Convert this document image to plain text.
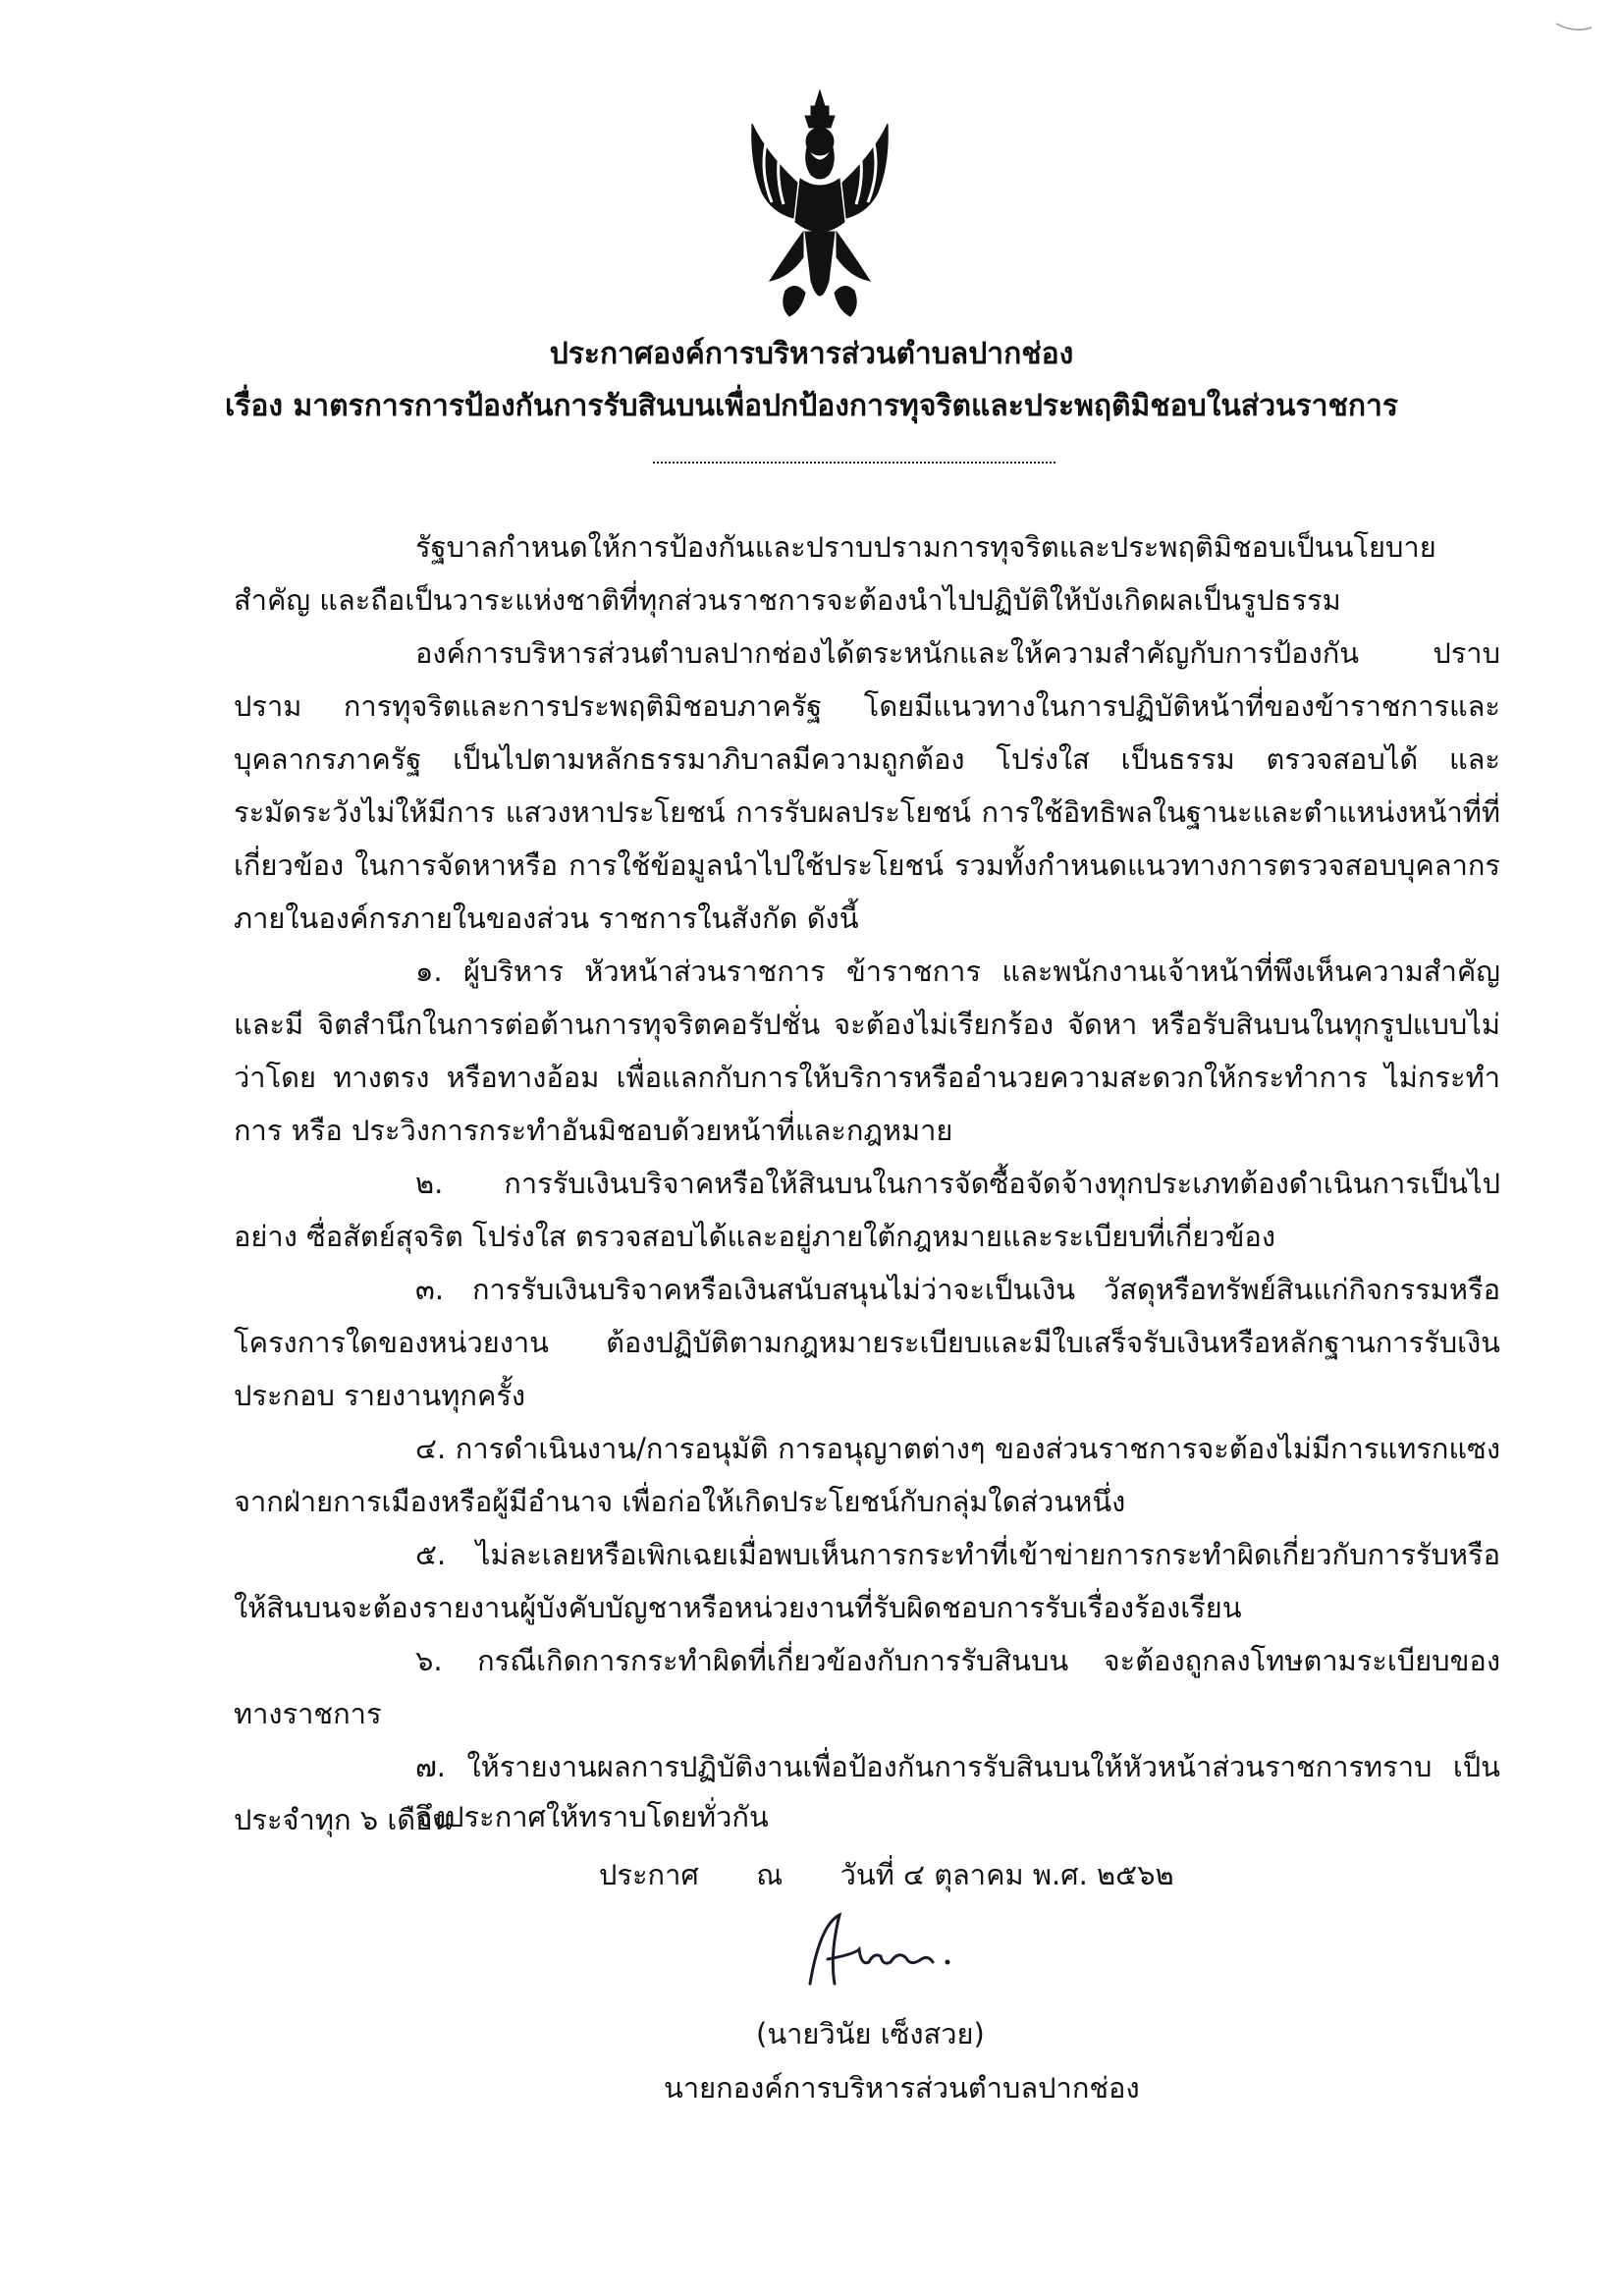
ประกาศองค์การบริหารส่วนตำบลปากช่อง
เรื่อง มาตรการการป้องกันการรับสินบนเพื่อปกป้องการทุจริตและประพฤติมิชอบในส่วนราชการ
รัฐบาลกำหนดให้การป้องกันและปราบปรามการทุจริตและประพฤติมิชอบเป็นนโยบายสำคัญ และถือเป็นวาระแห่งชาติที่ทุกส่วนราชการจะต้องนำไปปฏิบัติให้บังเกิดผลเป็นรูปธรรม
องค์การบริหารส่วนตำบลปากช่องได้ตระหนักและให้ความสำคัญกับการป้องกัน ปราบปราม การทุจริตและการประพฤติมิชอบภาครัฐ โดยมีแนวทางในการปฏิบัติหน้าที่ของข้าราชการและบุคลากรภาครัฐ เป็นไปตามหลักธรรมาภิบาลมีความถูกต้อง โปร่งใส เป็นธรรม ตรวจสอบได้ และระมัดระวังไม่ให้มีการ แสวงหาประโยชน์ การรับผลประโยชน์ การใช้อิทธิพลในฐานะและตำแหน่งหน้าที่ที่เกี่ยวข้อง ในการจัดหาหรือ การใช้ข้อมูลนำไปใช้ประโยชน์ รวมทั้งกำหนดแนวทางการตรวจสอบบุคลากรภายในองค์กรภายในของส่วน ราชการในสังกัด ดังนี้
๑. ผู้บริหาร หัวหน้าส่วนราชการ ข้าราชการ และพนักงานเจ้าหน้าที่พึงเห็นความสำคัญและมี จิตสำนึกในการต่อต้านการทุจริตคอรัปชั่น จะต้องไม่เรียกร้อง จัดหา หรือรับสินบนในทุกรูปแบบไม่ว่าโดย ทางตรง หรือทางอ้อม เพื่อแลกกับการให้บริการหรืออำนวยความสะดวกให้กระทำการ ไม่กระทำการ หรือ ประวิงการกระทำอันมิชอบด้วยหน้าที่และกฎหมาย
๒. การรับเงินบริจาคหรือให้สินบนในการจัดซื้อจัดจ้างทุกประเภทต้องดำเนินการเป็นไปอย่าง ซื่อสัตย์สุจริต โปร่งใส ตรวจสอบได้และอยู่ภายใต้กฎหมายและระเบียบที่เกี่ยวข้อง
๓. การรับเงินบริจาคหรือเงินสนับสนุนไม่ว่าจะเป็นเงิน วัสดุหรือทรัพย์สินแก่กิจกรรมหรือ โครงการใดของหน่วยงาน ต้องปฏิบัติตามกฎหมายระเบียบและมีใบเสร็จรับเงินหรือหลักฐานการรับเงินประกอบ รายงานทุกครั้ง
๔. การดำเนินงาน/การอนุมัติ การอนุญาตต่างๆ ของส่วนราชการจะต้องไม่มีการแทรกแซง จากฝ่ายการเมืองหรือผู้มีอำนาจ เพื่อก่อให้เกิดประโยชน์กับกลุ่มใดส่วนหนึ่ง
๕. ไม่ละเลยหรือเพิกเฉยเมื่อพบเห็นการกระทำที่เข้าข่ายการกระทำผิดเกี่ยวกับการรับหรือ ให้สินบนจะต้องรายงานผู้บังคับบัญชาหรือหน่วยงานที่รับผิดชอบการรับเรื่องร้องเรียน
๖. กรณีเกิดการกระทำผิดที่เกี่ยวข้องกับการรับสินบน จะต้องถูกลงโทษตามระเบียบของ ทางราชการ
๗. ให้รายงานผลการปฏิบัติงานเพื่อป้องกันการรับสินบนให้หัวหน้าส่วนราชการทราบ เป็นประจำทุก ๖ เดือน
จึงประกาศให้ทราบโดยทั่วกัน
ประกาศ ณ วันที่ ๔ ตุลาคม พ.ศ. ๒๕๖๒
(นายวินัย เซ็งสวย)
นายกองค์การบริหารส่วนตำบลปากช่อง
